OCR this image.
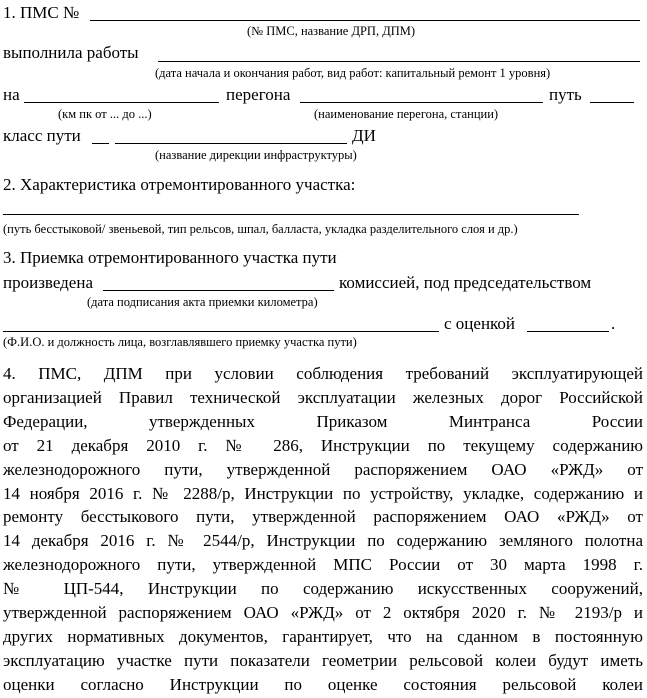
1. ПМС №
(№ ПМС, название ДРП, ДПМ)
выполнила работы
(дата начала и окончания работ, вид работ: капитальный ремонт 1 уровня)
на	перегона	путь
(км пк от ... до ...)	(наименование перегона, станции)
класс пути	ДИ
(название дирекции инфраструктуры)
2. Характеристика отремонтированного участка:
(путь бесстыковой/ звеньевой, тип рельсов, шпал, балласта, укладка разделительного слоя и др.)
3. Приемка отремонтированного участка пути
произведена	комиссией, под председательством
(дата подписания акта приемки километра)
с оценкой	.
(Ф.И.О. и должность лица, возглавлявшего приемку участка пути)
4. ПМС, ДПМ при условии соблюдения требований эксплуатирующей
организацией Правил технической эксплуатации железных дорог Российской
Федерации, утвержденных Приказом Минтранса России
от 21 декабря 2010 г. № 286, Инструкции по текущему содержанию
железнодорожного пути, утвержденной распоряжением ОАО «РЖД» от
14 ноября 2016 г. № 2288/р, Инструкции по устройству, укладке, содержанию и
ремонту бесстыкового пути, утвержденной распоряжением ОАО «РЖД» от
14 декабря 2016 г. № 2544/р, Инструкции по содержанию земляного полотна
железнодорожного пути, утвержденной МПС России от 30 марта 1998 г.
№ ЦП-544, Инструкции по содержанию искусственных сооружений,
утвержденной распоряжением ОАО «РЖД» от 2 октября 2020 г. № 2193/р и
других нормативных документов, гарантирует, что на сданном в постоянную
эксплуатацию участке пути показатели геометрии рельсовой колеи будут иметь
оценки согласно Инструкции по оценке состояния рельсовой колеи
